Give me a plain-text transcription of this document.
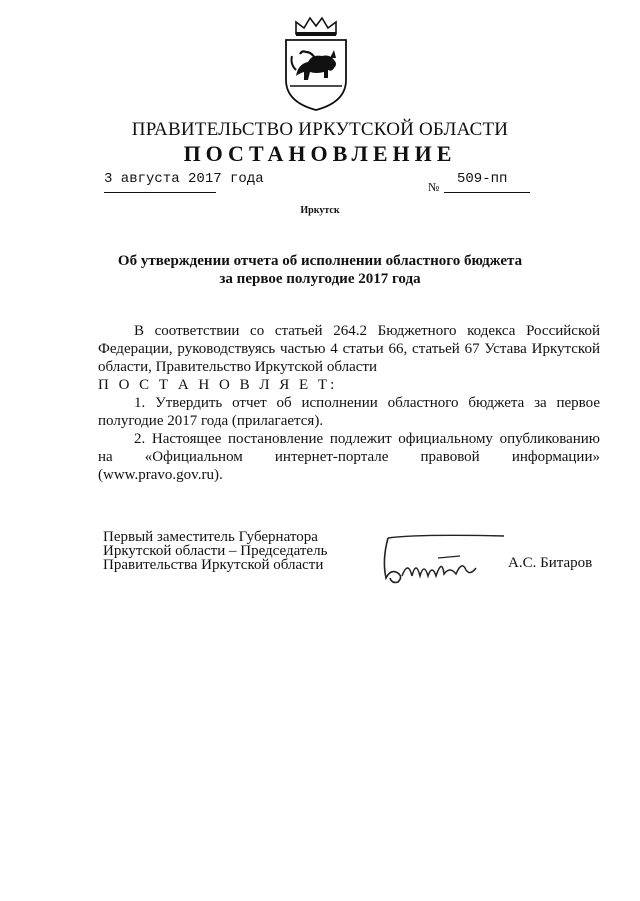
ПРАВИТЕЛЬСТВО ИРКУТСКОЙ ОБЛАСТИ
ПОСТАНОВЛЕНИЕ
3 августа 2017 года	№ 509-пп
Иркутск
Об утверждении отчета об исполнении областного бюджета
за первое полугодие 2017 года

В соответствии со статьей 264.2 Бюджетного кодекса Российской Федерации, руководствуясь частью 4 статьи 66, статьей 67 Устава Иркутской области, Правительство Иркутской области

П О С Т А Н О В Л Я Е Т:

1. Утвердить отчет об исполнении областного бюджета за первое полугодие 2017 года (прилагается).

2. Настоящее постановление подлежит официальному опубликованию на «Официальном интернет-портале правовой информации»

(www.pravo.gov.ru).

Первый заместитель Губернатора
Иркутской области – Председатель
Правительства Иркутской области	А.С. Битаров
